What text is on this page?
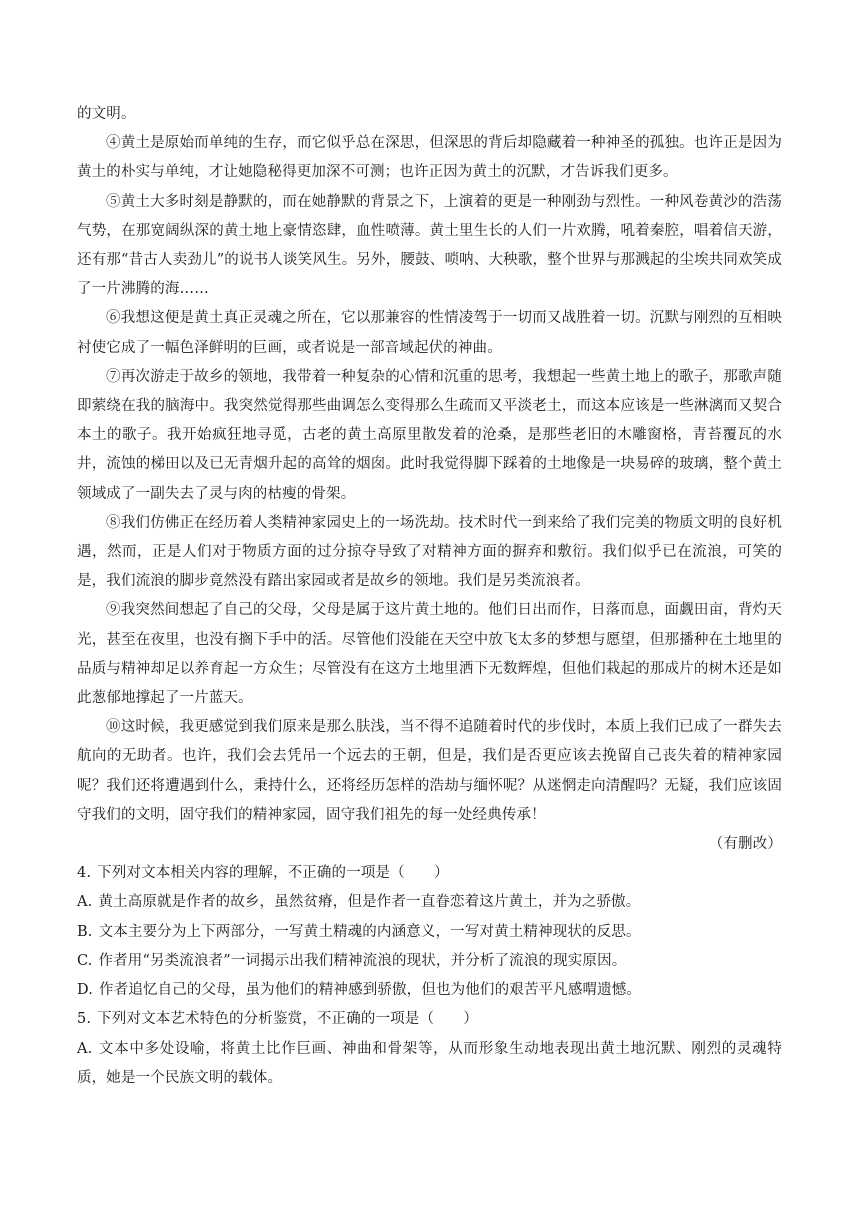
的文明。

④黄土是原始而单纯的生存，而它似乎总在深思，但深思的背后却隐藏着一种神圣的孤独。也许正是因为黄土的朴实与单纯，才让她隐秘得更加深不可测；也许正因为黄土的沉默，才告诉我们更多。

⑤黄土大多时刻是静默的，而在她静默的背景之下，上演着的更是一种刚劲与烈性。一种风卷黄沙的浩荡气势，在那宽阔纵深的黄土地上豪情恣肆，血性喷薄。黄土里生长的人们一片欢腾，吼着秦腔，唱着信天游，还有那“昔古人卖劲儿”的说书人谈笑风生。另外，腰鼓、唢呐、大秧歌，整个世界与那溅起的尘埃共同欢笑成了一片沸腾的海……

⑥我想这便是黄土真正灵魂之所在，它以那兼容的性情凌驾于一切而又战胜着一切。沉默与刚烈的互相映衬使它成了一幅色泽鲜明的巨画，或者说是一部音域起伏的神曲。

⑦再次游走于故乡的领地，我带着一种复杂的心情和沉重的思考，我想起一些黄土地上的歌子，那歌声随即萦绕在我的脑海中。我突然觉得那些曲调怎么变得那么生疏而又平淡老土，而这本应该是一些淋漓而又契合本土的歌子。我开始疯狂地寻觅，古老的黄土高原里散发着的沧桑，是那些老旧的木雕窗格，青苔覆瓦的水井，流蚀的梯田以及已无青烟升起的高耸的烟囱。此时我觉得脚下踩着的土地像是一块易碎的玻璃，整个黄土领域成了一副失去了灵与肉的枯瘦的骨架。

⑧我们仿佛正在经历着人类精神家园史上的一场洗劫。技术时代一到来给了我们完美的物质文明的良好机遇，然而，正是人们对于物质方面的过分掠夺导致了对精神方面的摒弃和敷衍。我们似乎已在流浪，可笑的是，我们流浪的脚步竟然没有踏出家园或者是故乡的领地。我们是另类流浪者。

⑨我突然间想起了自己的父母，父母是属于这片黄土地的。他们日出而作，日落而息，面觑田亩，背灼天光，甚至在夜里，也没有搁下手中的活。尽管他们没能在天空中放飞太多的梦想与愿望，但那播种在土地里的品质与精神却足以养育起一方众生；尽管没有在这方土地里洒下无数辉煌，但他们栽起的那成片的树木还是如此葱郁地撑起了一片蓝天。

⑩这时候，我更感觉到我们原来是那么肤浅，当不得不追随着时代的步伐时，本质上我们已成了一群失去航向的无助者。也许，我们会去凭吊一个远去的王朝，但是，我们是否更应该去挽留自己丧失着的精神家园呢？我们还将遭遇到什么，秉持什么，还将经历怎样的浩劫与缅怀呢？从迷惘走向清醒吗？无疑，我们应该固守我们的文明，固守我们的精神家园，固守我们祖先的每一处经典传承！

（有删改）

4. 下列对文本相关内容的理解，不正确的一项是（　　）

A. 黄土高原就是作者的故乡，虽然贫瘠，但是作者一直眷恋着这片黄土，并为之骄傲。

B. 文本主要分为上下两部分，一写黄土精魂的内涵意义，一写对黄土精神现状的反思。

C. 作者用“另类流浪者”一词揭示出我们精神流浪的现状，并分析了流浪的现实原因。

D. 作者追忆自己的父母，虽为他们的精神感到骄傲，但也为他们的艰苦平凡感喟遗憾。

5. 下列对文本艺术特色的分析鉴赏，不正确的一项是（　　）

A. 文本中多处设喻，将黄土比作巨画、神曲和骨架等，从而形象生动地表现出黄土地沉默、刚烈的灵魂特质，她是一个民族文明的载体。
